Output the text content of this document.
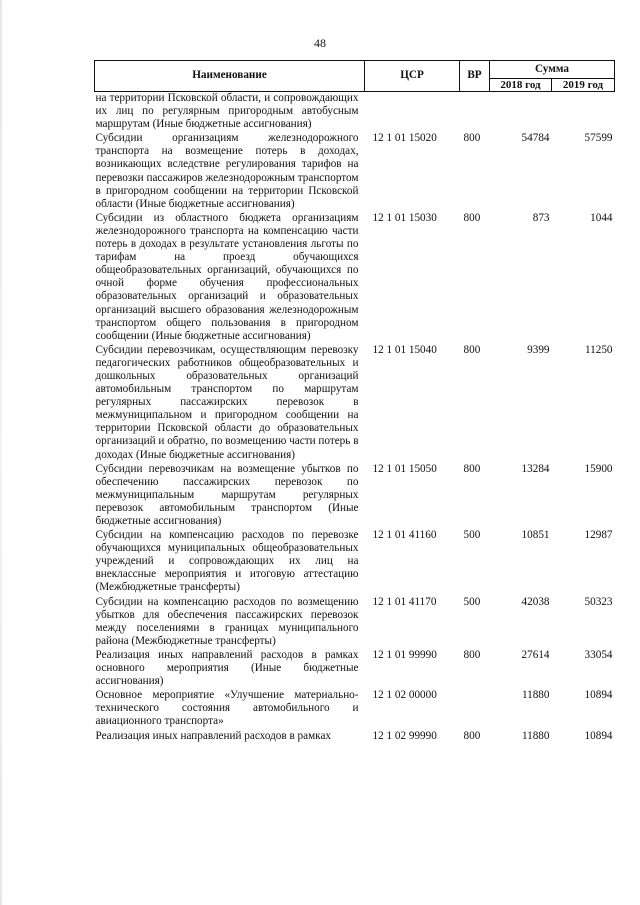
48
Наименование	ЦСР	ВР	Сумма	
			2018 год	2019 год
на территории Псковской области, и сопровождающих их лиц по регулярным пригородным автобусным маршрутам (Иные бюджетные ассигнования)				
Субсидии организациям железнодорожного транспорта на возмещение потерь в доходах, возникающих вследствие регулирования тарифов на перевозки пассажиров железнодорожным транспортом в пригородном сообщении на территории Псковской области (Иные бюджетные ассигнования)	12 1 01 15020	800	54784	57599
Субсидии из областного бюджета организациям железнодорожного транспорта на компенсацию части потерь в доходах в результате установления льготы по тарифам на проезд обучающихся общеобразовательных организаций, обучающихся по очной форме обучения профессиональных образовательных организаций и образовательных организаций высшего образования железнодорожным транспортом общего пользования в пригородном сообщении (Иные бюджетные ассигнования)	12 1 01 15030	800	873	1044
Субсидии перевозчикам, осуществляющим перевозку педагогических работников общеобразовательных и дошкольных образовательных организаций автомобильным транспортом по маршрутам регулярных пассажирских перевозок в межмуниципальном и пригородном сообщении на территории Псковской области до образовательных организаций и обратно, по возмещению части потерь в доходах (Иные бюджетные ассигнования)	12 1 01 15040	800	9399	11250
Субсидии перевозчикам на возмещение убытков по обеспечению пассажирских перевозок по межмуниципальным маршрутам регулярных перевозок автомобильным транспортом (Иные бюджетные ассигнования)	12 1 01 15050	800	13284	15900
Субсидии на компенсацию расходов по перевозке обучающихся муниципальных общеобразовательных учреждений и сопровождающих их лиц на внеклассные мероприятия и итоговую аттестацию (Межбюджетные трансферты)	12 1 01 41160	500	10851	12987
Субсидии на компенсацию расходов по возмещению убытков для обеспечения пассажирских перевозок между поселениями в границах муниципального района (Межбюджетные трансферты)	12 1 01 41170	500	42038	50323
Реализация иных направлений расходов в рамках основного мероприятия (Иные бюджетные ассигнования)	12 1 01 99990	800	27614	33054
Основное мероприятие «Улучшение материально-технического состояния автомобильного и авиационного транспорта»	12 1 02 00000		11880	10894
Реализация иных направлений расходов в рамках	12 1 02 99990	800	11880	10894
